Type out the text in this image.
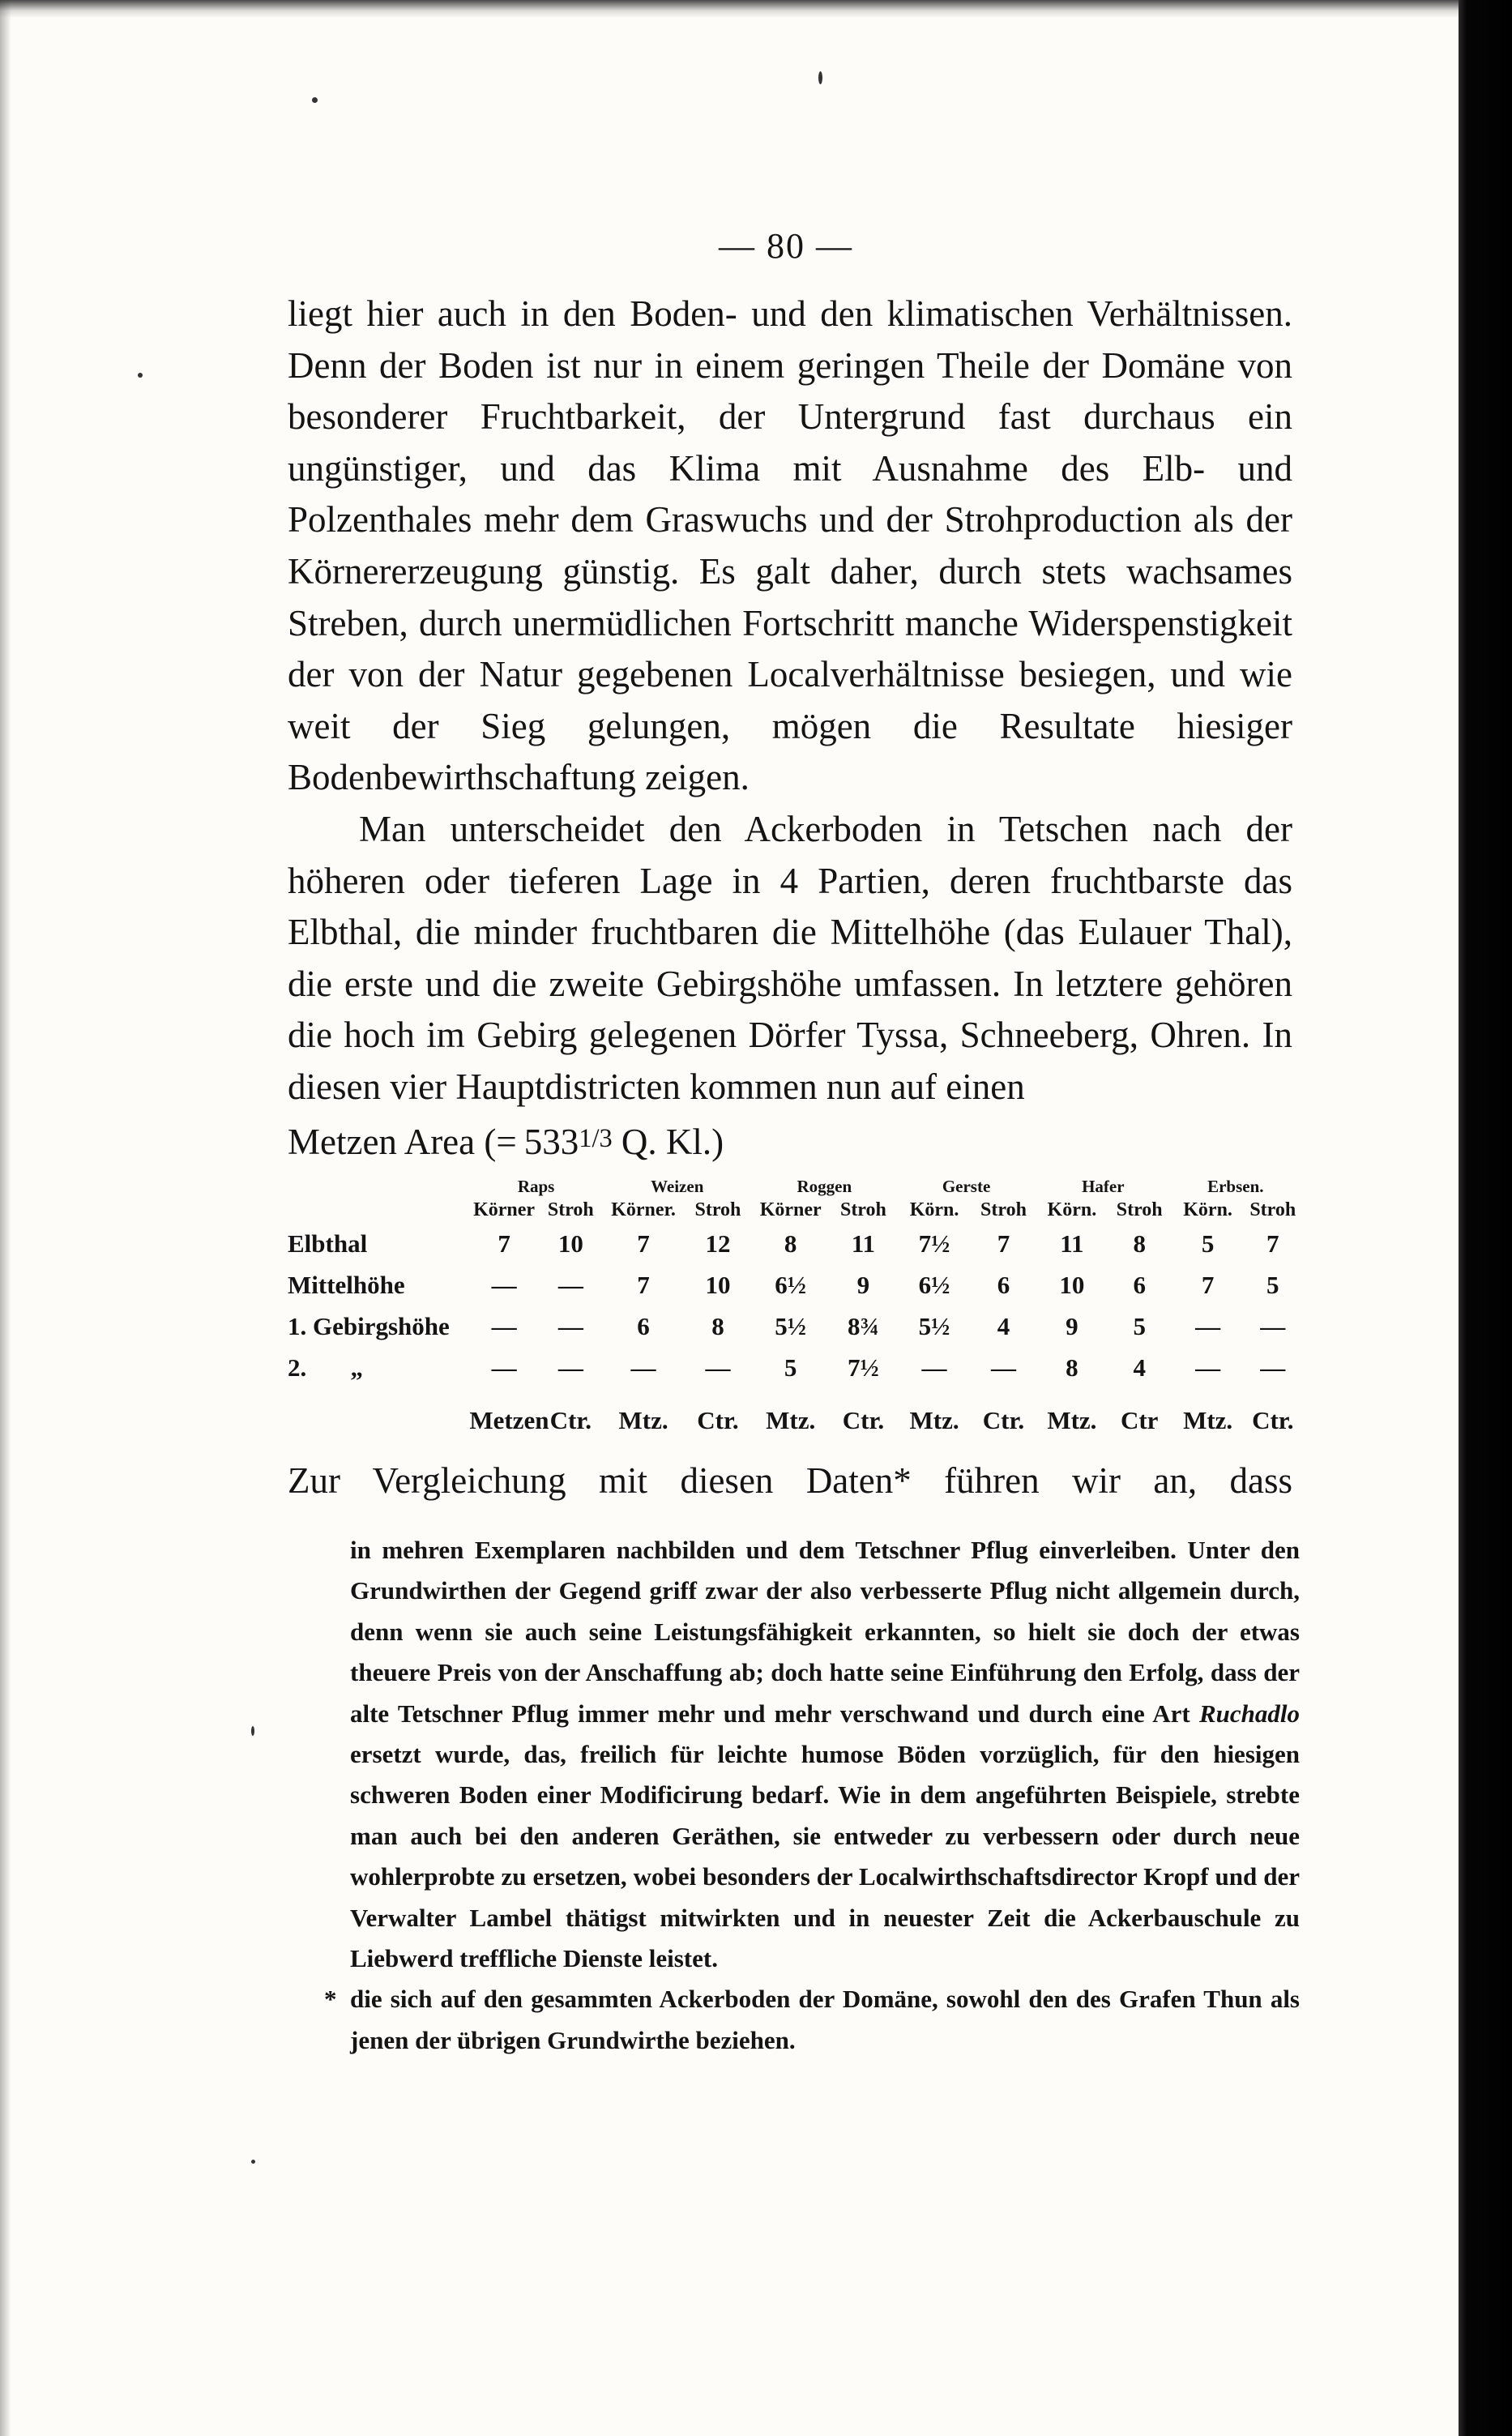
— 80 —

liegt hier auch in den Boden- und den klimatischen Verhältnissen. Denn der Boden ist nur in einem geringen Theile der Domäne von besonderer Fruchtbarkeit, der Untergrund fast durchaus ein ungünstiger, und das Klima mit Ausnahme des Elb- und Polzenthales mehr dem Graswuchs und der Strohproduction als der Körnererzeugung günstig. Es galt daher, durch stets wachsames Streben, durch unermüdlichen Fortschritt manche Widerspenstigkeit der von der Natur gegebenen Localverhältnisse besiegen, und wie weit der Sieg gelungen, mögen die Resultate hiesiger Bodenbewirthschaftung zeigen.

Man unterscheidet den Ackerboden in Tetschen nach der höheren oder tieferen Lage in 4 Partien, deren fruchtbarste das Elbthal, die minder fruchtbaren die Mittelhöhe (das Eulauer Thal), die erste und die zweite Gebirgshöhe umfassen. In letztere gehören die hoch im Gebirg gelegenen Dörfer Tyssa, Schneeberg, Ohren. In diesen vier Hauptdistricten kommen nun auf einen

Metzen Area (= $533^{1/3}$ Q. Kl.)

	Raps		Weizen		Roggen		Gerste		Hafer		Erbsen.	
	Körner	Stroh	Körner.	Stroh	Körner	Stroh	Körn.	Stroh	Körn.	Stroh	Körn.	Stroh
Elbthal	7	10	7	12	8	11	7½	7	11	8	5	7
Mittelhöhe	—	—	7	10	6½	9	6½	6	10	6	7	5
1. Gebirgshöhe	—	—	6	8	5½	8¾	5½	4	9	5	—	—
2.       „	—	—	—	—	5	7½	—	—	8	4	—	—
	Metzen	Ctr.	Mtz.	Ctr.	Mtz.	Ctr.	Mtz.	Ctr.	Mtz.	Ctr	Mtz.	Ctr.

Zur Vergleichung mit diesen Daten* führen wir an, dass

in mehren Exemplaren nachbilden und dem Tetschner Pflug einverleiben. Unter den Grundwirthen der Gegend griff zwar der also verbesserte Pflug nicht allgemein durch, denn wenn sie auch seine Leistungsfähigkeit erkannten, so hielt sie doch der etwas theuere Preis von der Anschaffung ab; doch hatte seine Einführung den Erfolg, dass der alte Tetschner Pflug immer mehr und mehr verschwand und durch eine Art Ruchadlo ersetzt wurde, das, freilich für leichte humose Böden vorzüglich, für den hiesigen schweren Boden einer Modificirung bedarf. Wie in dem angeführten Beispiele, strebte man auch bei den anderen Geräthen, sie entweder zu verbessern oder durch neue wohlerprobte zu ersetzen, wobei besonders der Localwirthschaftsdirector Kropf und der Verwalter Lambel thätigst mitwirkten und in neuester Zeit die Ackerbauschule zu Liebwerd treffliche Dienste leistet.

* die sich auf den gesammten Ackerboden der Domäne, sowohl den des Grafen Thun als jenen der übrigen Grundwirthe beziehen.
